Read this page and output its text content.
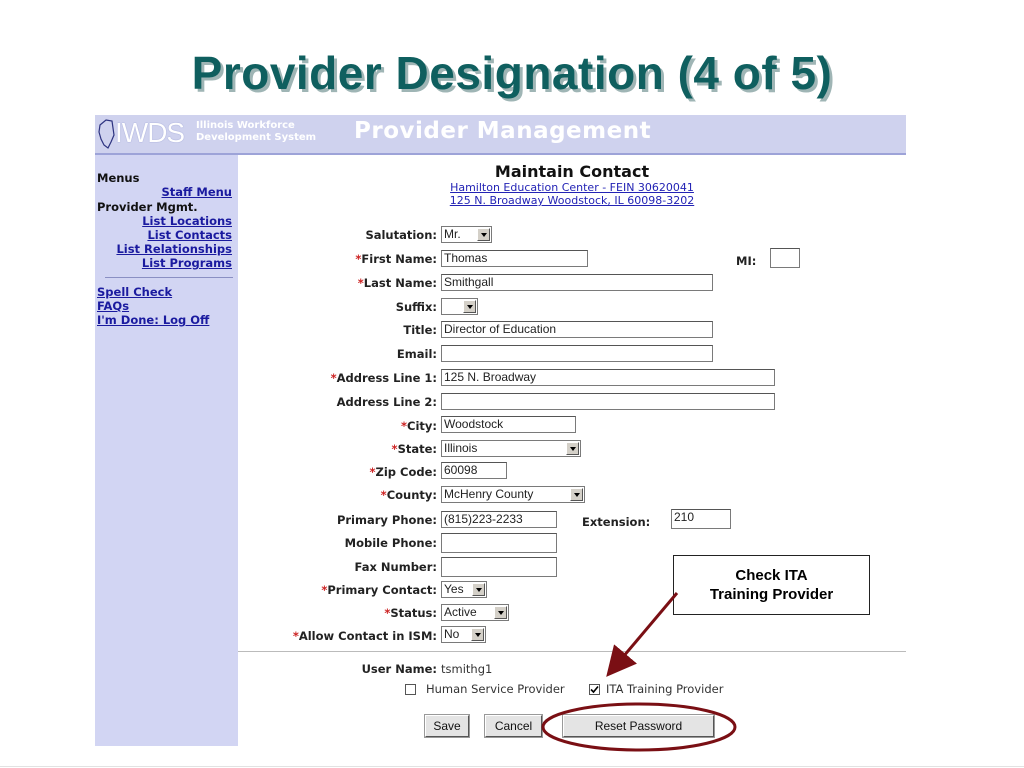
Provider Designation (4 of 5)
IWDS Illinois Workforce
Development System Provider Management
Menus
Staff Menu
Provider Mgmt.
List Locations
List Contacts
List Relationships
List Programs
Spell Check
FAQs
I'm Done: Log Off

Maintain Contact

Hamilton Education Center - FEIN 30620041
125 N. Broadway Woodstock, IL 60098-3202
Salutation: Mr.
*First Name: Thomas	MI:
*Last Name: Smithgall
Suffix:
Title: Director of Education
Email:
*Address Line 1: 125 N. Broadway
Address Line 2:
*City: Woodstock
*State: Illinois
*Zip Code: 60098
*County: McHenry County
Primary Phone: (815)223-2233	Extension: 210
Mobile Phone:
Fax Number:
*Primary Contact: Yes
*Status: Active
*Allow Contact in ISM: No
User Name: tsmithg1
Human Service Provider	ITA Training Provider
Save	Cancel	Reset Password
Check ITA
Training Provider
